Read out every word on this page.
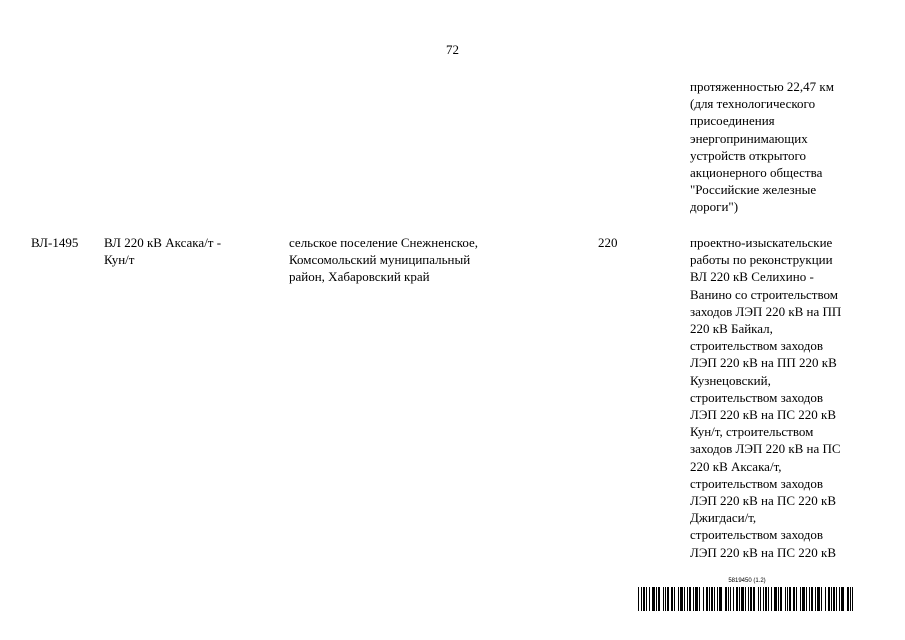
72
протяженностью 22,47 км
(для технологического
присоединения
энергопринимающих
устройств открытого
акционерного общества
"Российские железные
дороги")
ВЛ-1495	ВЛ 220 кВ Аксака/т -
Кун/т
сельское поселение Снежненское,
Комсомольский муниципальный
район, Хабаровский край
220	проектно-изыскательские
работы по реконструкции
ВЛ 220 кВ Селихино -
Ванино со строительством
заходов ЛЭП 220 кВ на ПП
220 кВ Байкал,
строительством заходов
ЛЭП 220 кВ на ПП 220 кВ
Кузнецовский,
строительством заходов
ЛЭП 220 кВ на ПС 220 кВ
Кун/т, строительством
заходов ЛЭП 220 кВ на ПС
220 кВ Аксака/т,
строительством заходов
ЛЭП 220 кВ на ПС 220 кВ
Джигдаси/т,
строительством заходов
ЛЭП 220 кВ на ПС 220 кВ
5819450 (1.2)
